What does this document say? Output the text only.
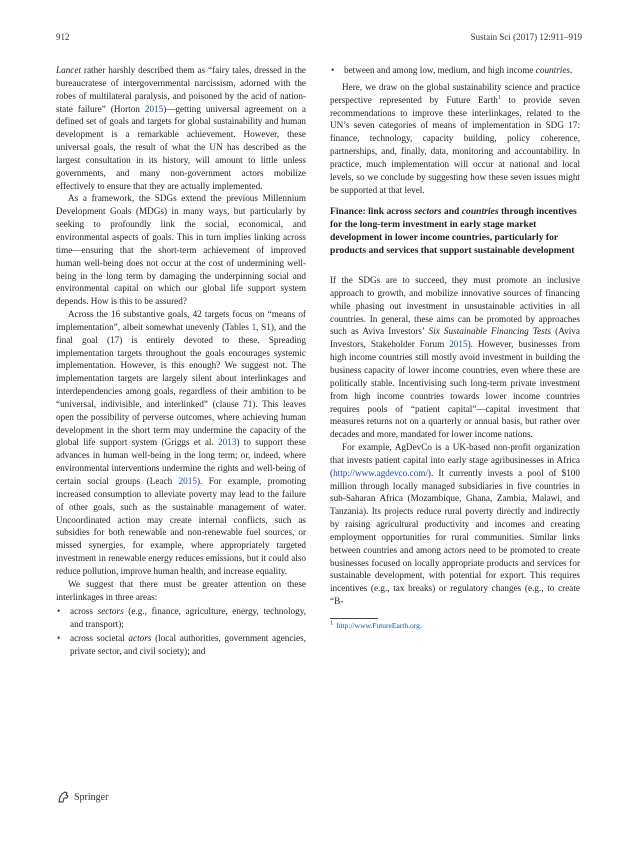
912	Sustain Sci (2017) 12:911–919

Lancet rather harshly described them as “fairy tales, dressed in the bureaucratese of intergovernmental narcissism, adorned with the robes of multilateral paralysis, and poisoned by the acid of nation-state failure” (Horton 2015)—getting universal agreement on a defined set of goals and targets for global sustainability and human development is a remarkable achievement. However, these universal goals, the result of what the UN has described as the largest consultation in its history, will amount to little unless governments, and many non-government actors mobilize effectively to ensure that they are actually implemented.

As a framework, the SDGs extend the previous Millennium Development Goals (MDGs) in many ways, but particularly by seeking to profoundly link the social, economical, and environmental aspects of goals. This in turn implies linking across time—ensuring that the short-term achievement of improved human well-being does not occur at the cost of undermining well-being in the long term by damaging the underpinning social and environmental capital on which our global life support system depends. How is this to be assured?

Across the 16 substantive goals, 42 targets focus on “means of implementation”, albeit somewhat unevenly (Tables 1, S1), and the final goal (17) is entirely devoted to these. Spreading implementation targets throughout the goals encourages systemic implementation. However, is this enough? We suggest not. The implementation targets are largely silent about interlinkages and interdependencies among goals, regardless of their ambition to be “universal, indivisible, and interlinked” (clause 71). This leaves open the possibility of perverse outcomes, where achieving human development in the short term may undermine the capacity of the global life support system (Griggs et al. 2013) to support these advances in human well-being in the long term; or, indeed, where environmental interventions undermine the rights and well-being of certain social groups (Leach 2015). For example, promoting increased consumption to alleviate poverty may lead to the failure of other goals, such as the sustainable management of water. Uncoordinated action may create internal conflicts, such as subsidies for both renewable and non-renewable fuel sources, or missed synergies, for example, where appropriately targeted investment in renewable energy reduces emissions, but it could also reduce pollution, improve human health, and increase equality.

We suggest that there must be greater attention on these interlinkages in three areas:

• across sectors (e.g., finance, agriculture, energy, technology, and transport);
• across societal actors (local authorities, government agencies, private sector, and civil society); and
• between and among low, medium, and high income countries.

Here, we draw on the global sustainability science and practice perspective represented by Future Earth$^1$ to provide seven recommendations to improve these interlinkages, related to the UN’s seven categories of means of implementation in SDG 17: finance, technology, capacity building, policy coherence, partnerships, and, finally, data, monitoring and accountability. In practice, much implementation will occur at national and local levels, so we conclude by suggesting how these seven issues might be supported at that level.

Finance: link across sectors and countries through incentives for the long-term investment in early stage market development in lower income countries, particularly for products and services that support sustainable development

If the SDGs are to succeed, they must promote an inclusive approach to growth, and mobilize innovative sources of financing while phasing out investment in unsustainable activities in all countries. In general, these aims can be promoted by approaches such as Aviva Investors’ Six Sustainable Financing Tests (Aviva Investors, Stakeholder Forum 2015). However, businesses from high income countries still mostly avoid investment in building the business capacity of lower income countries, even where these are politically stable. Incentivising such long-term private investment from high income countries towards lower income countries requires pools of “patient capital”—capital investment that measures returns not on a quarterly or annual basis, but rather over decades and more, mandated for lower income nations.

For example, AgDevCo is a UK-based non-profit organization that invests patient capital into early stage agribusinesses in Africa (http://www.agdevco.com/). It currently invests a pool of $100 million through locally managed subsidiaries in five countries in sub-Saharan Africa (Mozambique, Ghana, Zambia, Malawi, and Tanzania). Its projects reduce rural poverty directly and indirectly by raising agricultural productivity and incomes and creating employment opportunities for rural communities. Similar links between countries and among actors need to be promoted to create businesses focused on locally appropriate products and services for sustainable development, with potential for export. This requires incentives (e.g., tax breaks) or regulatory changes (e.g., to create “B-

$^1$ http://www.FutureEarth.org.
Springer
